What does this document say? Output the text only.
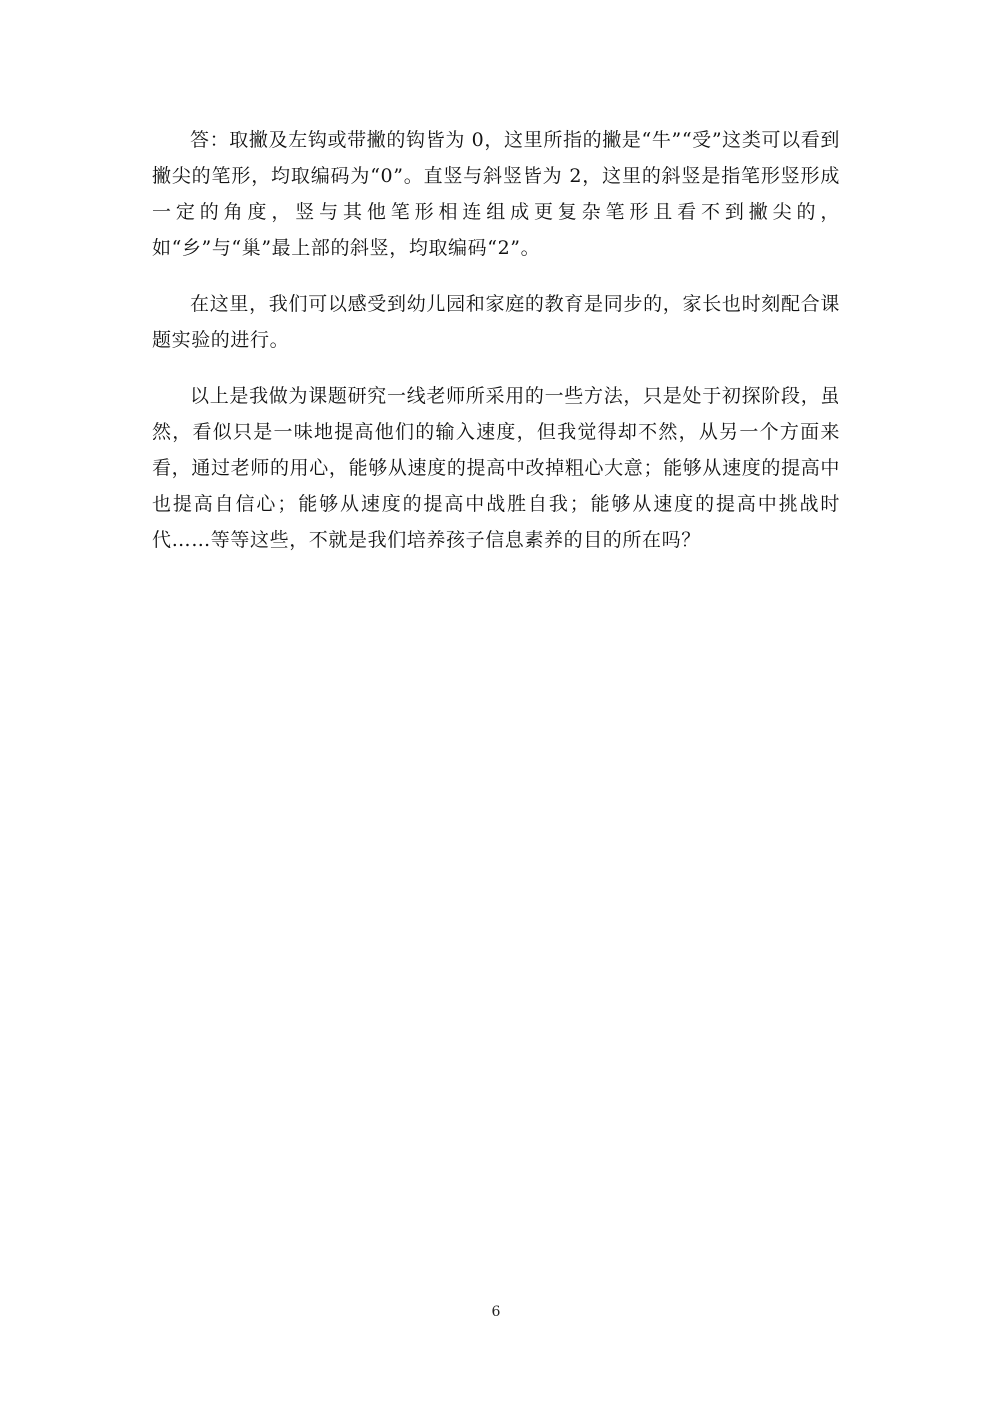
答：取撇及左钩或带撇的钩皆为 0，这里所指的撇是“牛”“受”这类可以看到撇尖的笔形，均取编码为“0”。直竖与斜竖皆为 2，这里的斜竖是指笔形竖形成一定的角度，竖与其他笔形相连组成更复杂笔形且看不到撇尖的，如“乡”与“巢”最上部的斜竖，均取编码“2”。

在这里，我们可以感受到幼儿园和家庭的教育是同步的，家长也时刻配合课题实验的进行。

以上是我做为课题研究一线老师所采用的一些方法，只是处于初探阶段，虽然，看似只是一味地提高他们的输入速度，但我觉得却不然，从另一个方面来看，通过老师的用心，能够从速度的提高中改掉粗心大意；能够从速度的提高中也提高自信心；能够从速度的提高中战胜自我；能够从速度的提高中挑战时代……等等这些，不就是我们培养孩子信息素养的目的所在吗？

6
